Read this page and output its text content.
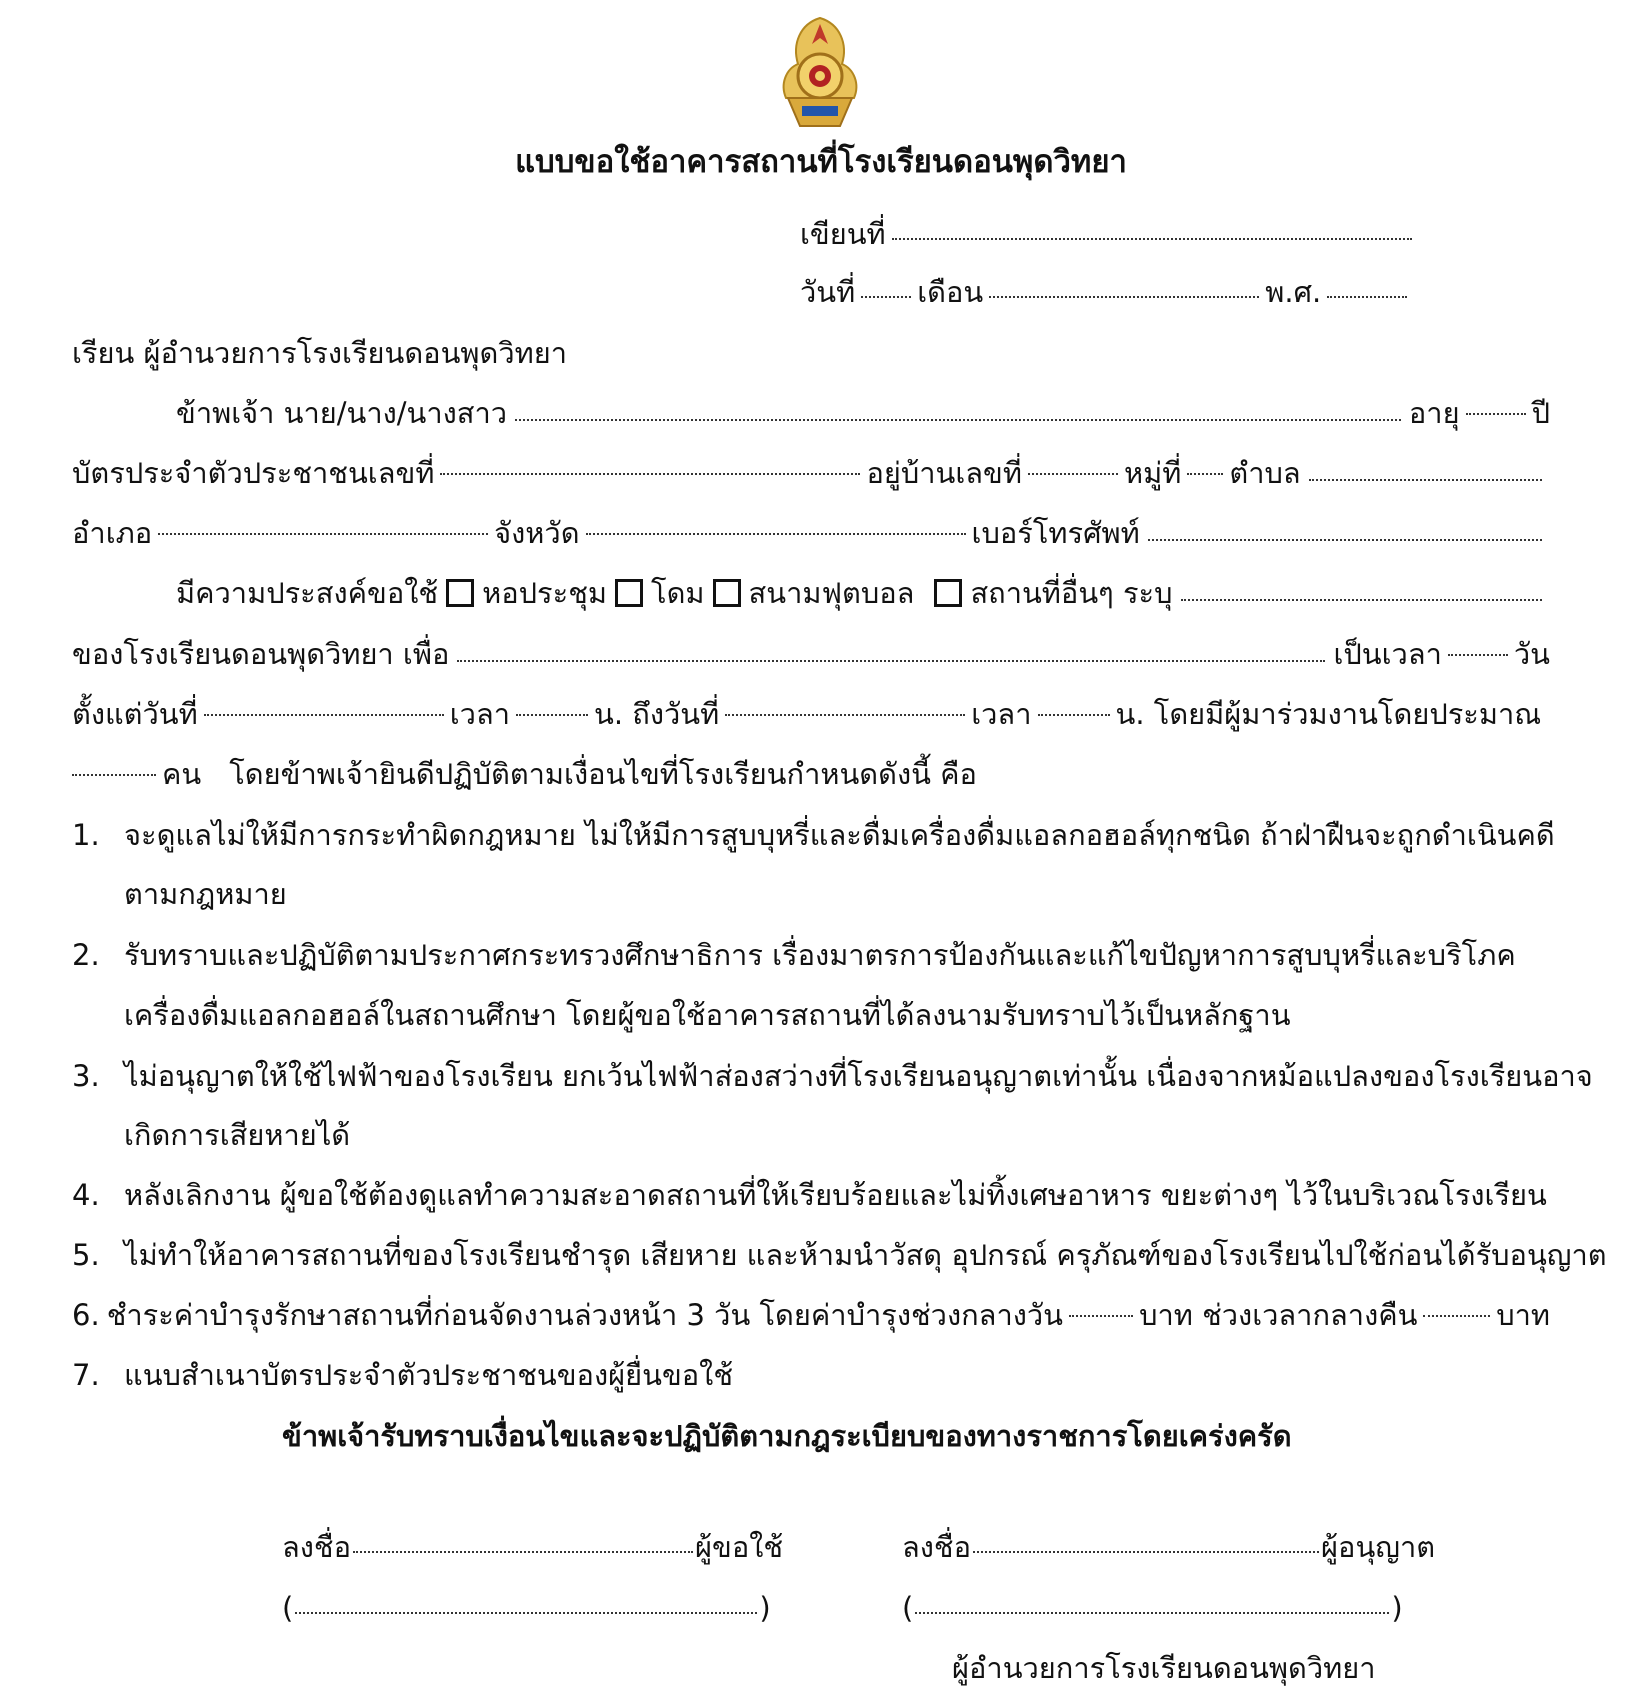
แบบขอใช้อาคารสถานที่โรงเรียนดอนพุดวิทยา
เขียนที่
วันที่ เดือน	พ.ศ.
เรียน ผู้อำนวยการโรงเรียนดอนพุดวิทยา
ข้าพเจ้า นาย/นาง/นางสาว	อายุ ปี
บัตรประจำตัวประชาชนเลขที่	อยู่บ้านเลขที่	หมู่ที่ ตำบล
อำเภอ	จังหวัด	เบอร์โทรศัพท์
มีความประสงค์ขอใช้ หอประชุม โดม สนามฟุตบอล สถานที่อื่นๆ ระบุ
ของโรงเรียนดอนพุดวิทยา เพื่อ	เป็นเวลา วัน
ตั้งแต่วันที่	เวลา	น. ถึงวันที่	เวลา	น. โดยมีผู้มาร่วมงานโดยประมาณ
คน โดยข้าพเจ้ายินดีปฏิบัติตามเงื่อนไขที่โรงเรียนกำหนดดังนี้ คือ
1. จะดูแลไม่ให้มีการกระทำผิดกฎหมาย ไม่ให้มีการสูบบุหรี่และดื่มเครื่องดื่มแอลกอฮอล์ทุกชนิด ถ้าฝ่าฝืนจะถูกดำเนินคดี
ตามกฎหมาย
2. รับทราบและปฏิบัติตามประกาศกระทรวงศึกษาธิการ เรื่องมาตรการป้องกันและแก้ไขปัญหาการสูบบุหรี่และบริโภค
เครื่องดื่มแอลกอฮอล์ในสถานศึกษา โดยผู้ขอใช้อาคารสถานที่ได้ลงนามรับทราบไว้เป็นหลักฐาน
3. ไม่อนุญาตให้ใช้ไฟฟ้าของโรงเรียน ยกเว้นไฟฟ้าส่องสว่างที่โรงเรียนอนุญาตเท่านั้น เนื่องจากหม้อแปลงของโรงเรียนอาจ
เกิดการเสียหายได้
4. หลังเลิกงาน ผู้ขอใช้ต้องดูแลทำความสะอาดสถานที่ให้เรียบร้อยและไม่ทิ้งเศษอาหาร ขยะต่างๆ ไว้ในบริเวณโรงเรียน
5. ไม่ทำให้อาคารสถานที่ของโรงเรียนชำรุด เสียหาย และห้ามนำวัสดุ อุปกรณ์ ครุภัณฑ์ของโรงเรียนไปใช้ก่อนได้รับอนุญาต
6. ชำระค่าบำรุงรักษาสถานที่ก่อนจัดงานล่วงหน้า 3 วัน โดยค่าบำรุงช่วงกลางวัน	บาท ช่วงเวลากลางคืน	บาท
7. แนบสำเนาบัตรประจำตัวประชาชนของผู้ยื่นขอใช้
ข้าพเจ้ารับทราบเงื่อนไขและจะปฏิบัติตามกฎระเบียบของทางราชการโดยเคร่งครัด
ลงชื่อ	ผู้ขอใช้
(	)
ลงชื่อ	ผู้อนุญาต
(	)
ผู้อำนวยการโรงเรียนดอนพุดวิทยา
